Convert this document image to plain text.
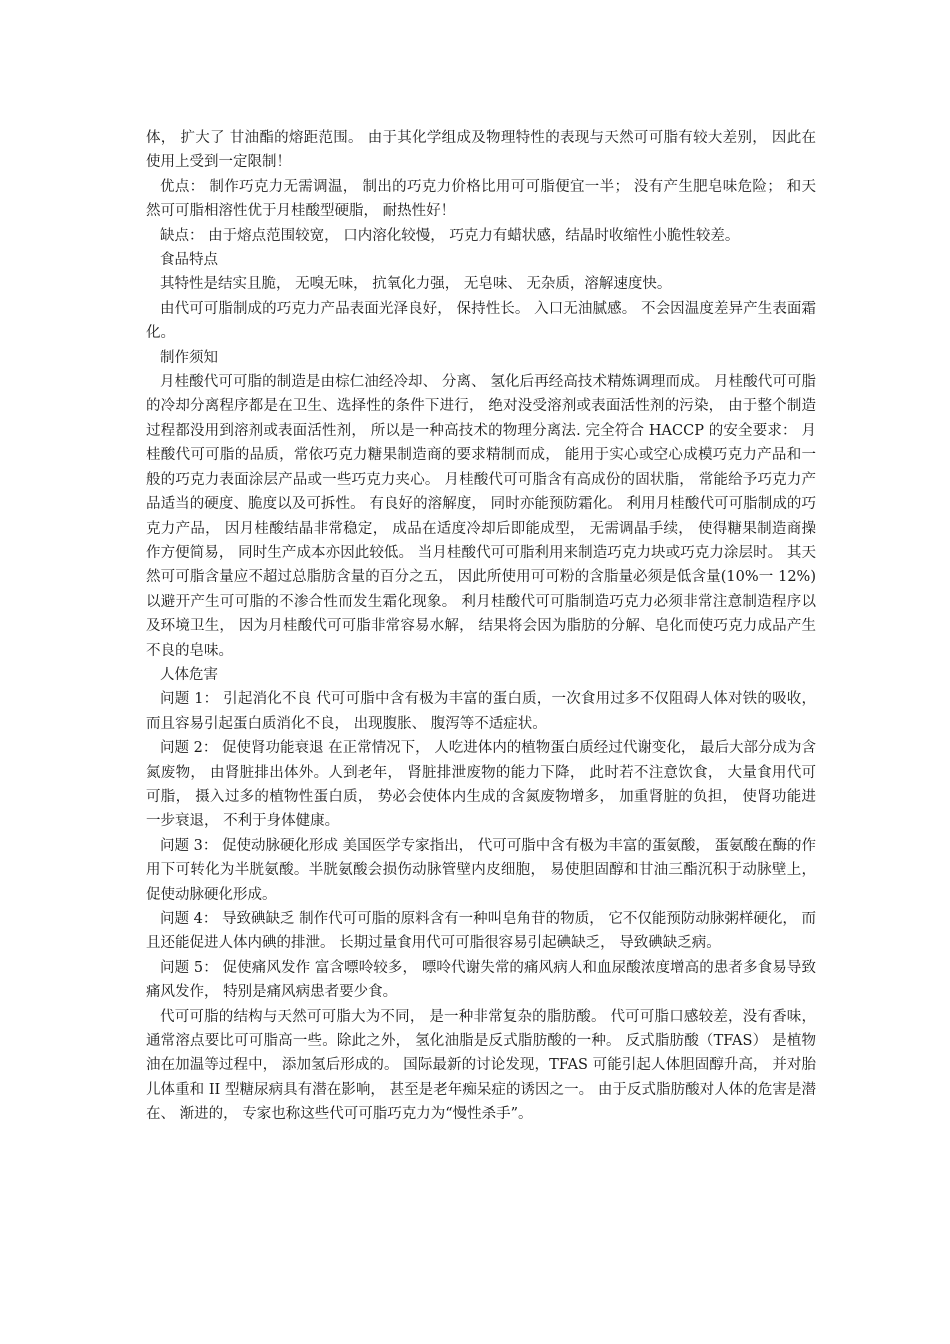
体， 扩大了 甘油酯的熔距范围。 由于其化学组成及物理特性的表现与天然可可脂有较大差别， 因此在使用上受到一定限制！

优点： 制作巧克力无需调温， 制出的巧克力价格比用可可脂便宜一半； 没有产生肥皂味危险； 和天然可可脂相溶性优于月桂酸型硬脂， 耐热性好！

缺点： 由于熔点范围较宽， 口内溶化较慢， 巧克力有蜡状感，结晶时收缩性小脆性较差。

食品特点

其特性是结实且脆， 无嗅无味， 抗氧化力强， 无皂味、 无杂质，溶解速度快。

由代可可脂制成的巧克力产品表面光泽良好， 保持性长。 入口无油腻感。 不会因温度差异产生表面霜化。

制作须知

月桂酸代可可脂的制造是由棕仁油经冷却、 分离、 氢化后再经高技术精炼调理而成。 月桂酸代可可脂的冷却分离程序都是在卫生、选择性的条件下进行， 绝对没受溶剂或表面活性剂的污染， 由于整个制造过程都没用到溶剂或表面活性剂， 所以是一种高技术的物理分离法. 完全符合 HACCP 的安全要求： 月桂酸代可可脂的品质，常依巧克力糖果制造商的要求精制而成， 能用于实心或空心成模巧克力产品和一般的巧克力表面涂层产品或一些巧克力夹心。 月桂酸代可可脂含有高成份的固状脂， 常能给予巧克力产品适当的硬度、脆度以及可拆性。 有良好的溶解度， 同时亦能预防霜化。 利用月桂酸代可可脂制成的巧克力产品， 因月桂酸结晶非常稳定， 成品在适度冷却后即能成型， 无需调晶手续， 使得糖果制造商操作方便简易， 同时生产成本亦因此较低。 当月桂酸代可可脂利用来制造巧克力块或巧克力涂层时。 其天然可可脂含量应不超过总脂肪含量的百分之五， 因此所使用可可粉的含脂量必须是低含量(10%一 12%)以避开产生可可脂的不渗合性而发生霜化现象。 利月桂酸代可可脂制造巧克力必须非常注意制造程序以及环境卫生， 因为月桂酸代可可脂非常容易水解， 结果将会因为脂肪的分解、皂化而使巧克力成品产生不良的皂味。

人体危害

问题 1： 引起消化不良 代可可脂中含有极为丰富的蛋白质，一次食用过多不仅阻碍人体对铁的吸收， 而且容易引起蛋白质消化不良， 出现腹胀、 腹泻等不适症状。

问题 2： 促使肾功能衰退 在正常情况下， 人吃进体内的植物蛋白质经过代谢变化， 最后大部分成为含氮废物， 由肾脏排出体外。人到老年， 肾脏排泄废物的能力下降， 此时若不注意饮食， 大量食用代可可脂， 摄入过多的植物性蛋白质， 势必会使体内生成的含氮废物增多， 加重肾脏的负担， 使肾功能进一步衰退， 不利于身体健康。

问题 3： 促使动脉硬化形成 美国医学专家指出， 代可可脂中含有极为丰富的蛋氨酸， 蛋氨酸在酶的作用下可转化为半胱氨酸。半胱氨酸会损伤动脉管壁内皮细胞， 易使胆固醇和甘油三酯沉积于动脉壁上， 促使动脉硬化形成。

问题 4： 导致碘缺乏 制作代可可脂的原料含有一种叫皂角苷的物质， 它不仅能预防动脉粥样硬化， 而且还能促进人体内碘的排泄。 长期过量食用代可可脂很容易引起碘缺乏， 导致碘缺乏病。

问题 5： 促使痛风发作 富含嘌呤较多， 嘌呤代谢失常的痛风病人和血尿酸浓度增高的患者多食易导致痛风发作， 特别是痛风病患者要少食。

代可可脂的结构与天然可可脂大为不同， 是一种非常复杂的脂肪酸。 代可可脂口感较差，没有香味， 通常溶点要比可可脂高一些。除此之外， 氢化油脂是反式脂肪酸的一种。 反式脂肪酸（TFAS） 是植物油在加温等过程中， 添加氢后形成的。 国际最新的讨论发现，TFAS 可能引起人体胆固醇升高， 并对胎儿体重和 II 型糖尿病具有潜在影响， 甚至是老年痴呆症的诱因之一。 由于反式脂肪酸对人体的危害是潜在、 渐进的， 专家也称这些代可可脂巧克力为“慢性杀手”。
